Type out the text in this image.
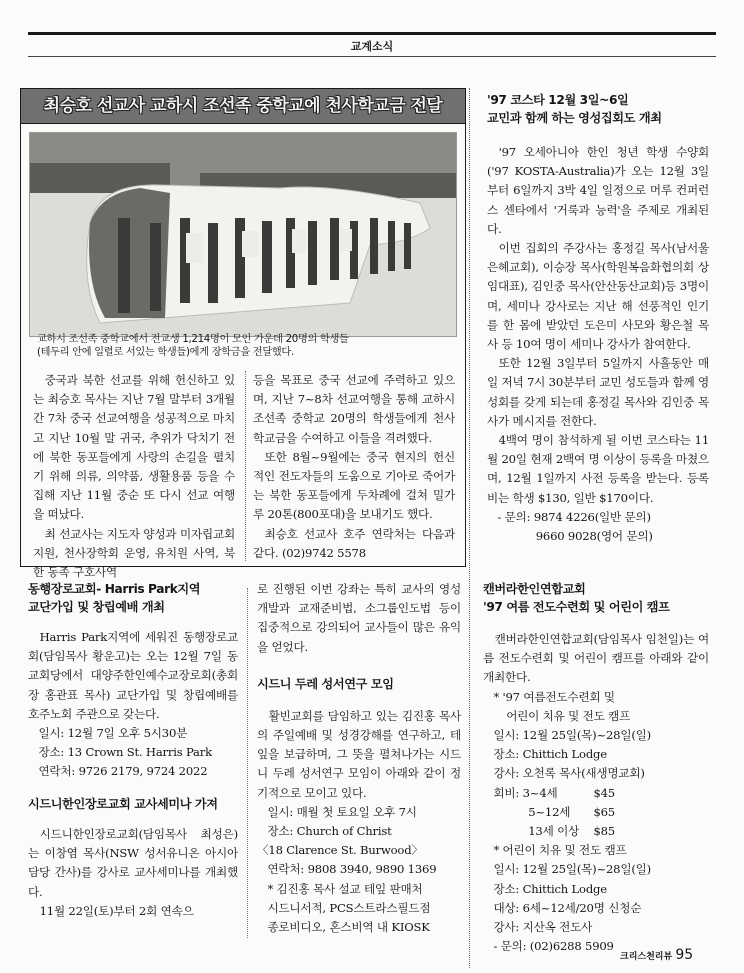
교계소식
최승호 선교사 교하시 조선족 중학교에 천사학교금 전달
교하시 조선족 중학교에서 전교생 1,214명이 모인 가운데 20명의 학생들
(테두리 안에 일렬로 서있는 학생들)에게 장학금을 전달했다.

중국과 북한 선교를 위해 헌신하고 있는 최승호 목사는 지난 7월 말부터 3개월간 7차 중국 선교여행을 성공적으로 마치고 지난 10월 말 귀국, 추위가 닥치기 전에 북한 동포들에게 사랑의 손길을 펼치기 위해 의류, 의약품, 생활용품 등을 수집해 지난 11월 중순 또 다시 선교 여행을 떠났다.

최 선교사는 지도자 양성과 미자립교회 지원, 천사장학회 운영, 유치원 사역, 북한 동족 구호사역

등을 목표로 중국 선교에 주력하고 있으며, 지난 7~8차 선교여행을 통해 교하시 조선족 중학교 20명의 학생들에게 천사학교금을 수여하고 이들을 격려했다.

또한 8월~9월에는 중국 현지의 헌신적인 전도자들의 도움으로 기아로 죽어가는 북한 동포들에게 두차례에 걸쳐 밀가루 20톤(800포대)을 보내기도 했다.

최승호 선교사 호주 연락처는 다음과 같다. (02)9742 5578

'97 코스타 12월 3일~6일
교민과 함께 하는 영성집회도 개최

'97 오세아니아 한인 청년 학생 수양회('97 KOSTA-Australia)가 오는 12월 3일부터 6일까지 3박 4일 일정으로 머루 컨퍼런스 센타에서 '거룩과 능력'을 주제로 개최된다.

이번 집회의 주강사는 홍정길 목사(남서울은혜교회), 이승장 목사(학원복음화협의회 상임대표), 김인중 목사(안산동산교회)등 3명이며, 세미나 강사로는 지난 해 선풍적인 인기를 한 몸에 받았던 도은미 사모와 황은철 목사 등 10여 명이 세미나 강사가 참여한다.

또한 12월 3일부터 5일까지 사흘동안 매일 저녁 7시 30분부터 교민 성도들과 함께 영성회를 갖게 되는데 홍정길 목사와 김인중 목사가 메시지를 전한다.

4백여 명이 참석하게 될 이번 코스타는 11월 20일 현재 2백여 명 이상이 등록을 마쳤으며, 12월 1일까지 사전 등록을 받는다. 등록비는 학생 $130, 일반 $170이다.

- 문의: 9874 4226(일반 문의)
9660 9028(영어 문의)
동행장로교회- Harris Park지역
교단가입 및 창립예배 개최

Harris Park지역에 세워진 동행장로교회(담임목사 황운고)는 오는 12월 7일 동교회당에서 대양주한인예수교장로회(총회장 홍관표 목사) 교단가입 및 창립예배를 호주노회 주관으로 갖는다.

일시: 12월 7일 오후 5시30분
장소: 13 Crown St. Harris Park
연락처: 9726 2179, 9724 2022
시드니한인장로교회 교사세미나 가져

시드니한인장로교회(담임목사 최성은)는 이창염 목사(NSW 성서유니온 아시아 담당 간사)를 강사로 교사세미나를 개최했다.

11월 22일(토)부터 2회 연속으

로 진행된 이번 강좌는 특히 교사의 영성개발과 교재준비법, 소그룹인도법 등이 집중적으로 강의되어 교사들이 많은 유익을 얻었다.

시드니 두레 성서연구 모임

활빈교회를 담임하고 있는 김진홍 목사의 주일예배 및 성경강해를 연구하고, 테잎을 보급하며, 그 뜻을 펼쳐나가는 시드니 두레 성서연구 모임이 아래와 같이 정기적으로 모이고 있다.

일시: 매월 첫 토요일 오후 7시
장소: Church of Christ
〈18 Clarence St. Burwood〉
연락처: 9808 3940, 9890 1369
* 김진홍 목사 설교 테잎 판매처
시드니서적, PCS스트라스필드점
종로비디오, 혼스비역 내 KIOSK
캔버라한인연합교회
'97 여름 전도수련회 및 어린이 캠프

캔버라한인연합교회(담임목사 임천일)는 여름 전도수련회 및 어린이 캠프를 아래와 같이 개최한다.

* '97 여름전도수련회 및
어린이 치유 및 전도 캠프
일시: 12월 25일(목)~28일(일)
장소: Chittich Lodge
강사: 오천록 목사(새생명교회)
회비: 3~4세	$45
5~12세 $65
13세 이상 $85
* 어린이 치유 및 전도 캠프
일시: 12월 25일(목)~28일(일)
장소: Chittich Lodge
대상: 6세~12세/20명 신청순
강사: 지산옥 전도사
- 문의: (02)6288 5909
크리스천리뷰 95
